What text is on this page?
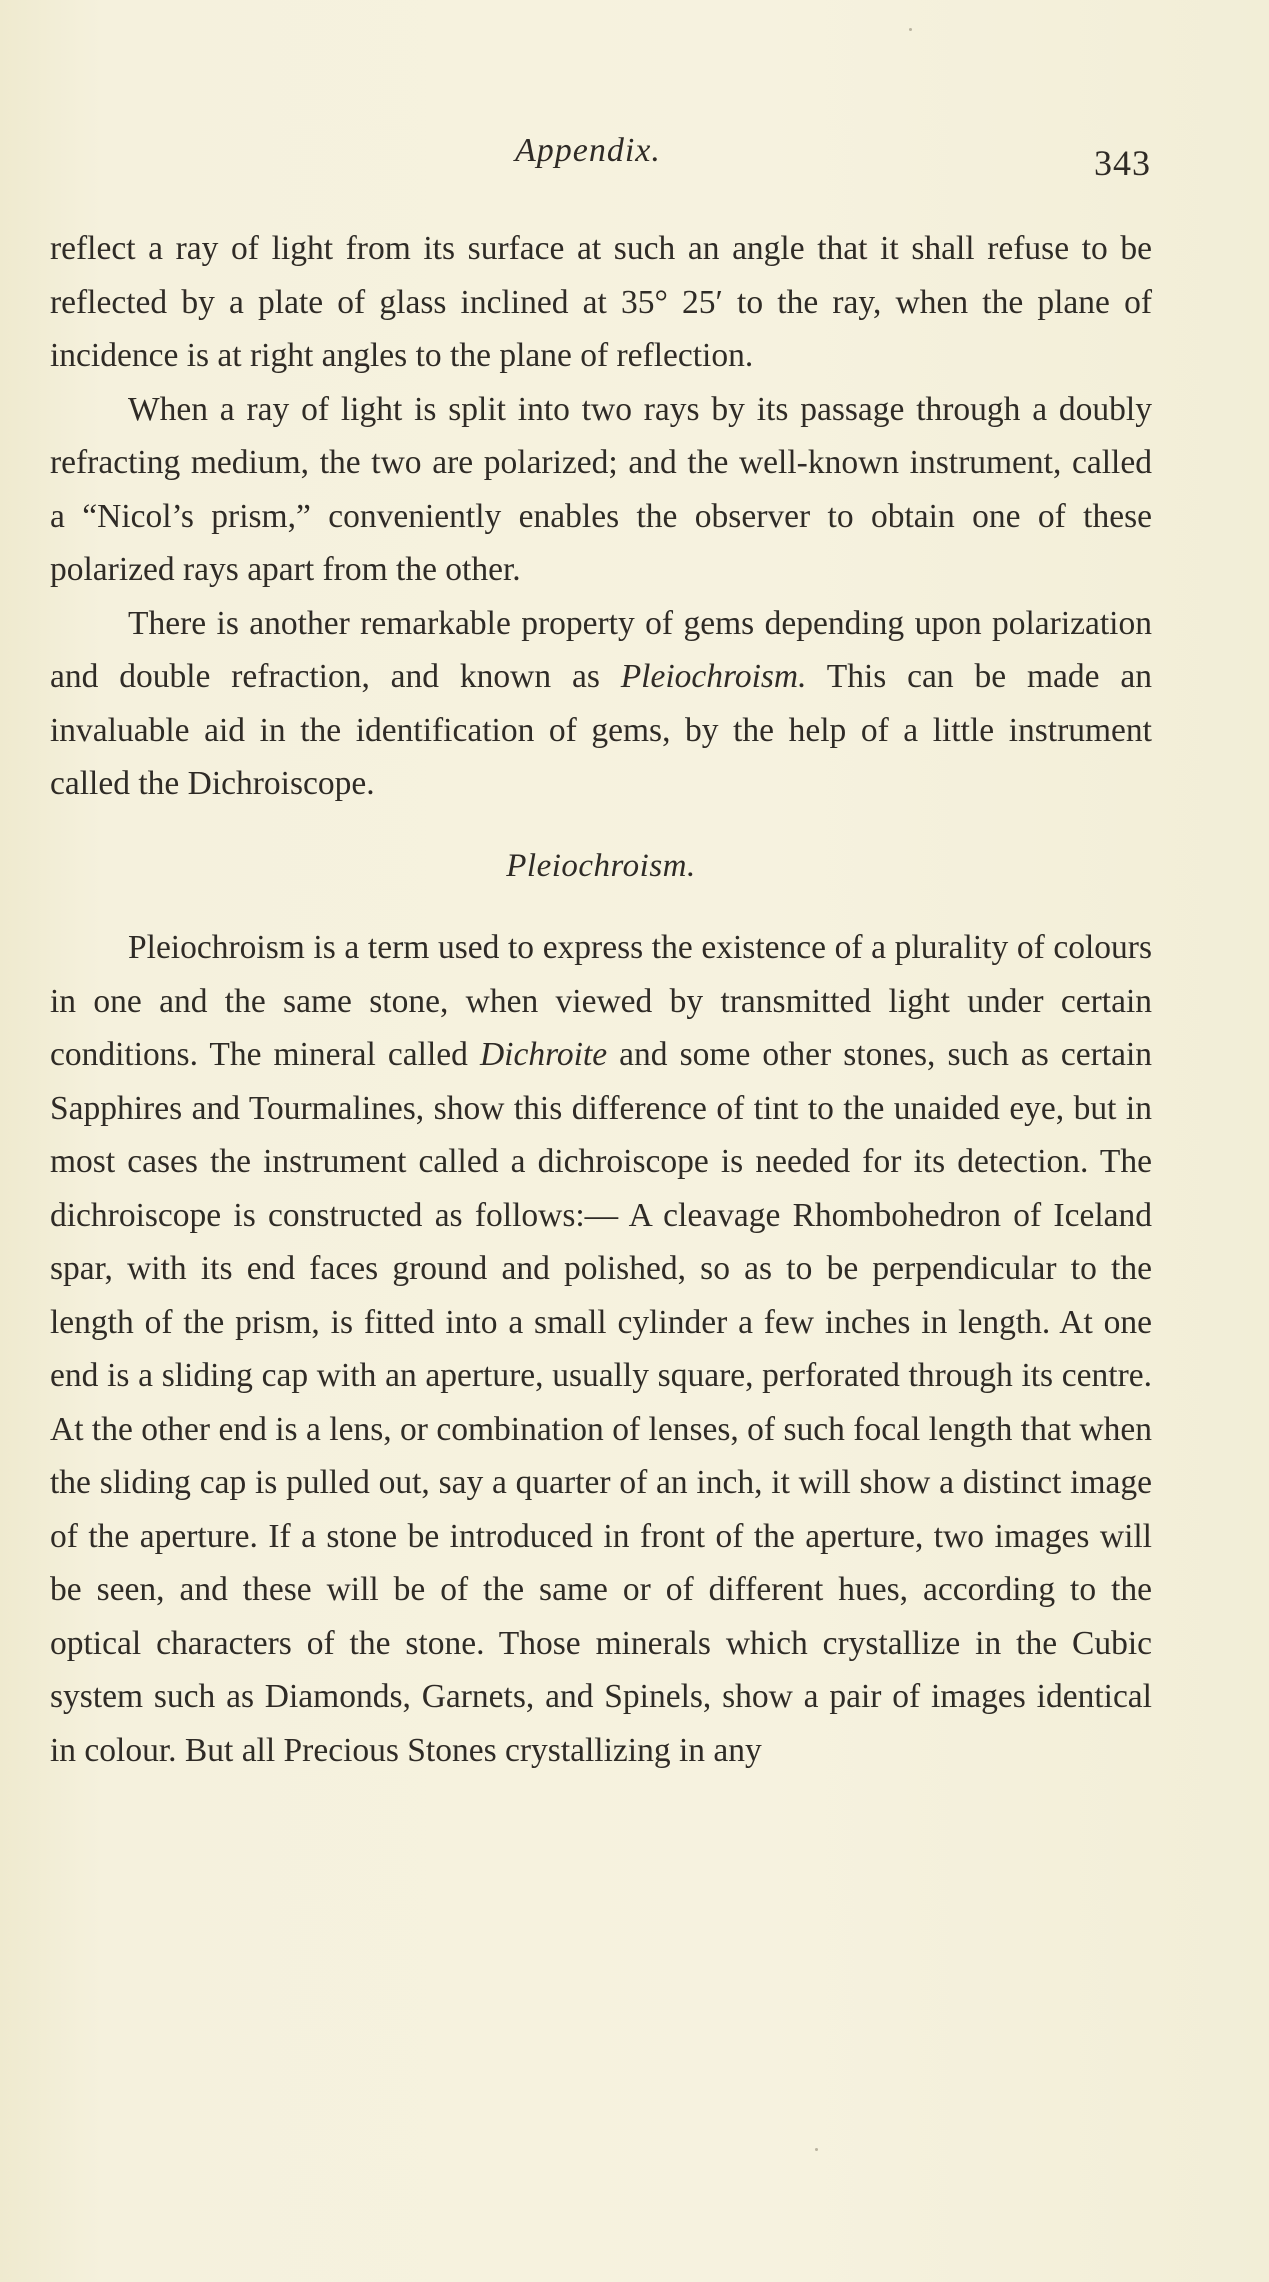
Appendix.	343

reflect a ray of light from its surface at such an angle that it shall refuse to be reflected by a plate of glass inclined at 35° 25′ to the ray, when the plane of incidence is at right angles to the plane of reflection.

When a ray of light is split into two rays by its passage through a doubly refracting medium, the two are polarized; and the well-known instrument, called a “Nicol’s prism,” conveniently enables the observer to obtain one of these polarized rays apart from the other.

There is another remarkable property of gems depending upon polarization and double refraction, and known as Pleiochroism. This can be made an invaluable aid in the identification of gems, by the help of a little instrument called the Dichroiscope.

Pleiochroism.

Pleiochroism is a term used to express the existence of a plurality of colours in one and the same stone, when viewed by transmitted light under certain conditions. The mineral called Dichroite and some other stones, such as certain Sapphires and Tourmalines, show this difference of tint to the unaided eye, but in most cases the instrument called a dichroiscope is needed for its detection. The dichroiscope is constructed as follows:— A cleavage Rhombohedron of Iceland spar, with its end faces ground and polished, so as to be perpendicular to the length of the prism, is fitted into a small cylinder a few inches in length. At one end is a sliding cap with an aperture, usually square, perforated through its centre. At the other end is a lens, or combination of lenses, of such focal length that when the sliding cap is pulled out, say a quarter of an inch, it will show a distinct image of the aperture. If a stone be introduced in front of the aperture, two images will be seen, and these will be of the same or of different hues, according to the optical characters of the stone. Those minerals which crystallize in the Cubic system such as Diamonds, Garnets, and Spinels, show a pair of images identical in colour. But all Precious Stones crystallizing in any
